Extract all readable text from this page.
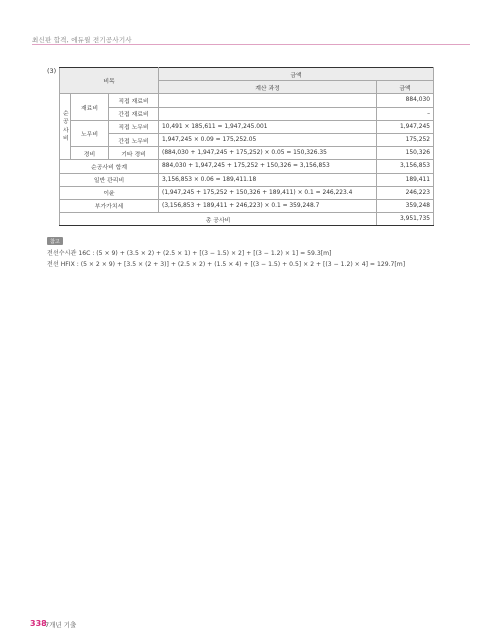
최신판 합격, 에듀윌 전기공사기사
(3)
비목			금액	
			계산 과정	금액

순
공
사
비	재료비	직접 재료비		884,030
		간접 재료비		–
	노무비	직접 노무비	10,491 × 185,611 = 1,947,245.001	1,947,245
		간접 노무비	1,947,245 × 0.09 = 175,252.05	175,252
	경비	기타 경비	(884,030 + 1,947,245 + 175,252) × 0.05 = 150,326.35	150,326
순공사비 합계			884,030 + 1,947,245 + 175,252 + 150,326 = 3,156,853	3,156,853
일반 관리비			3,156,853 × 0.06 = 189,411.18	189,411
이윤			(1,947,245 + 175,252 + 150,326 + 189,411) × 0.1 = 246,223.4	246,223
부가가치세			(3,156,853 + 189,411 + 246,223) × 0.1 = 359,248.7	359,248
총 공사비				3,951,735
참고
전선수시관 16C : (5 × 9) + (3.5 × 2) + (2.5 × 1) + [(3 − 1.5) × 2] + [(3 − 1.2) × 1] = 59.3[m]
전선 HFIX : (5 × 2 × 9) + [3.5 × (2 + 3)] + (2.5 × 2) + (1.5 × 4) + [(3 − 1.5) + 0.5] × 2 + [(3 − 1.2) × 4] = 129.7[m]
338
7개년 기출
